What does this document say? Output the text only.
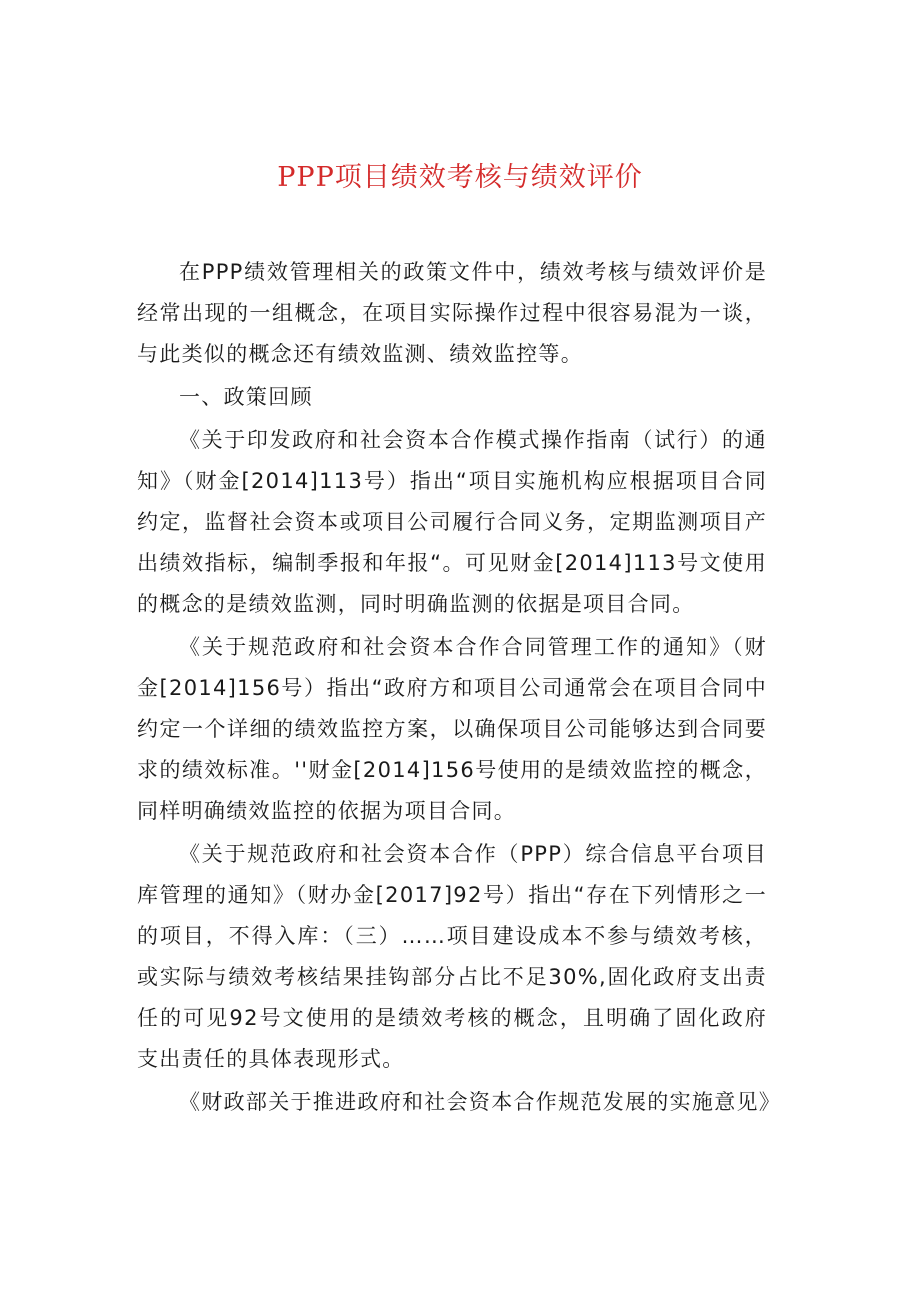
PPP项目绩效考核与绩效评价

在PPP绩效管理相关的政策文件中，绩效考核与绩效评价是经常出现的一组概念，在项目实际操作过程中很容易混为一谈，与此类似的概念还有绩效监测、绩效监控等。

一、政策回顾

《关于印发政府和社会资本合作模式操作指南（试行）的通知》（财金[2014]113号）指出“项目实施机构应根据项目合同约定，监督社会资本或项目公司履行合同义务，定期监测项目产出绩效指标，编制季报和年报“。可见财金[2014]113号文使用的概念的是绩效监测，同时明确监测的依据是项目合同。

《关于规范政府和社会资本合作合同管理工作的通知》（财金[2014]156号）指出“政府方和项目公司通常会在项目合同中约定一个详细的绩效监控方案，以确保项目公司能够达到合同要求的绩效标准。''财金[2014]156号使用的是绩效监控的概念，同样明确绩效监控的依据为项目合同。

《关于规范政府和社会资本合作（PPP）综合信息平台项目库管理的通知》（财办金[2017]92号）指出“存在下列情形之一的项目，不得入库：（三）……项目建设成本不参与绩效考核，或实际与绩效考核结果挂钩部分占比不足30%,固化政府支出责任的可见92号文使用的是绩效考核的概念，且明确了固化政府支出责任的具体表现形式。

《财政部关于推进政府和社会资本合作规范发展的实施意见》
